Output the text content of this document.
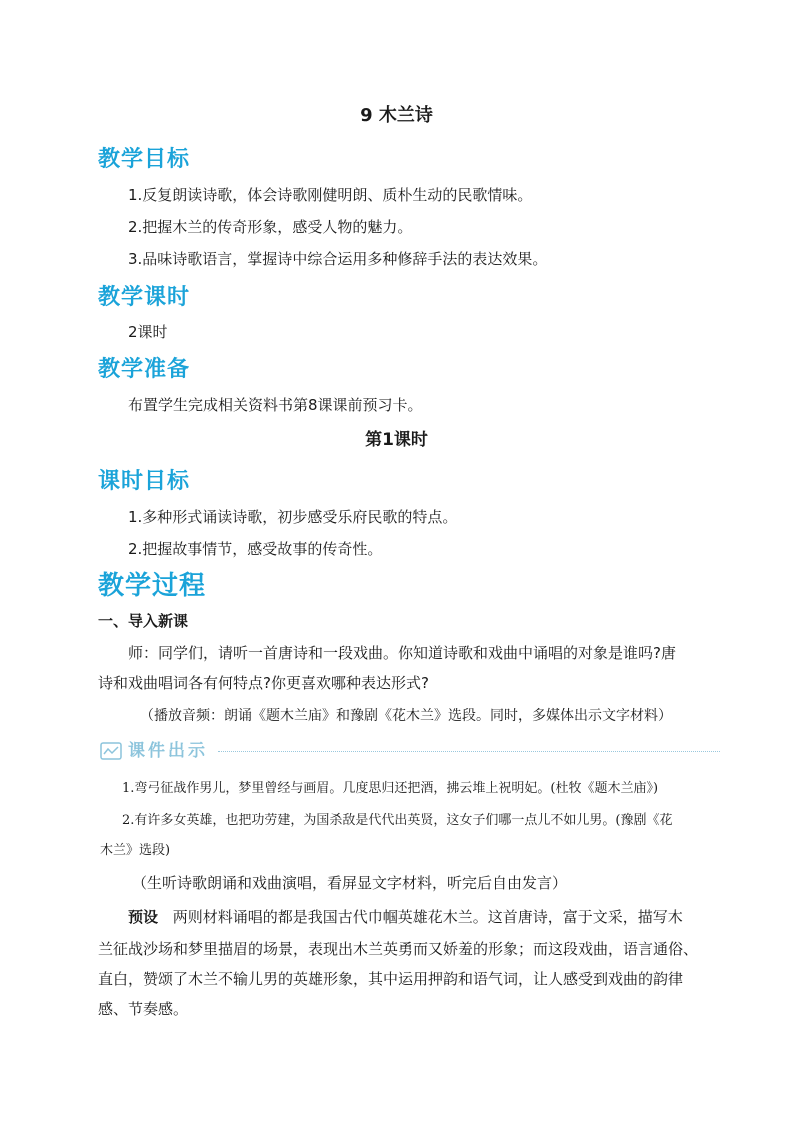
9 木兰诗
教学目标
1.反复朗读诗歌，体会诗歌刚健明朗、质朴生动的民歌情味。
2.把握木兰的传奇形象，感受人物的魅力。
3.品味诗歌语言，掌握诗中综合运用多种修辞手法的表达效果。
教学课时
2课时
教学准备
布置学生完成相关资料书第8课课前预习卡。
第1课时
课时目标
1.多种形式诵读诗歌，初步感受乐府民歌的特点。
2.把握故事情节，感受故事的传奇性。
教学过程
一、导入新课
师：同学们，请听一首唐诗和一段戏曲。你知道诗歌和戏曲中诵唱的对象是谁吗?唐
诗和戏曲唱词各有何特点?你更喜欢哪种表达形式?
（播放音频：朗诵《题木兰庙》和豫剧《花木兰》选段。同时，多媒体出示文字材料）
课件出示
1.弯弓征战作男儿，梦里曾经与画眉。几度思归还把酒，拂云堆上祝明妃。(杜牧《题木兰庙》)
2.有许多女英雄，也把功劳建，为国杀敌是代代出英贤，这女子们哪一点儿不如儿男。(豫剧《花
木兰》选段)
（生听诗歌朗诵和戏曲演唱，看屏显文字材料，听完后自由发言）
预设 两则材料诵唱的都是我国古代巾帼英雄花木兰。这首唐诗，富于文采，描写木
兰征战沙场和梦里描眉的场景，表现出木兰英勇而又娇羞的形象；而这段戏曲，语言通俗、
直白，赞颂了木兰不输儿男的英雄形象，其中运用押韵和语气词，让人感受到戏曲的韵律
感、节奏感。
